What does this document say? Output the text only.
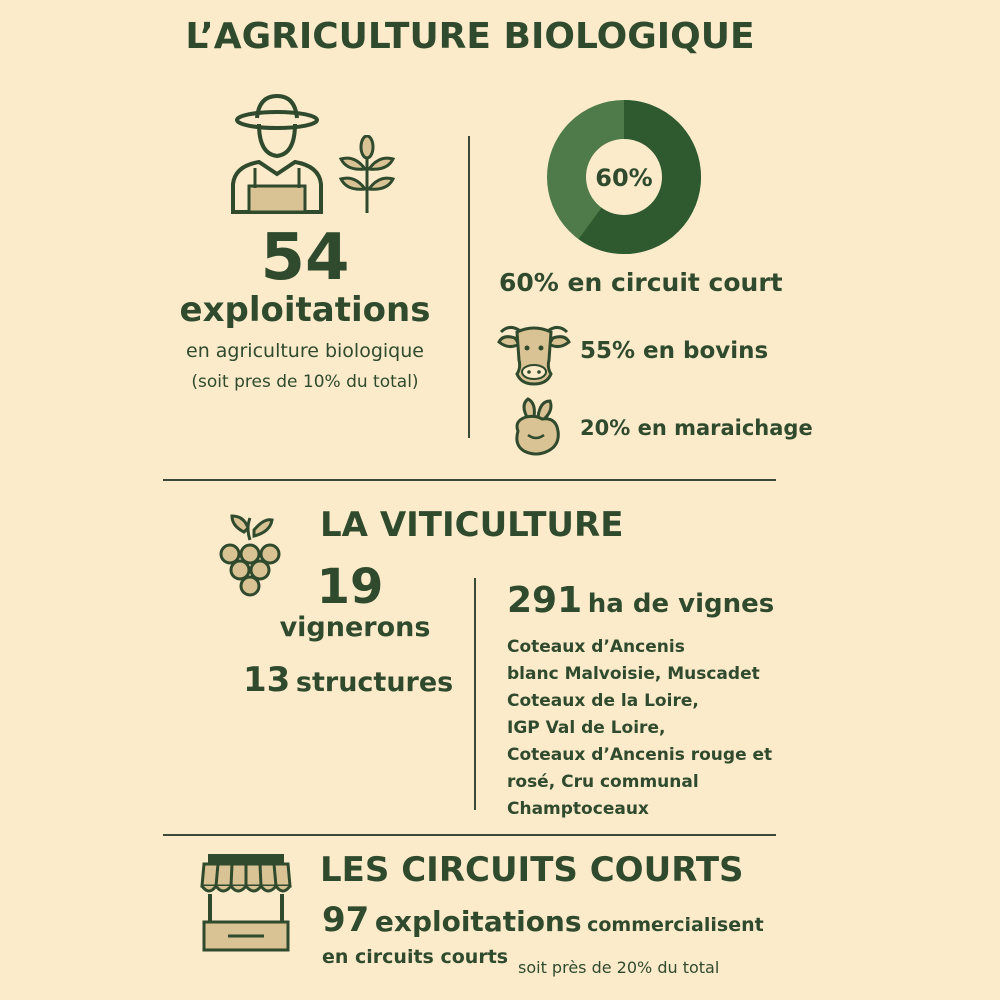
L’AGRICULTURE BIOLOGIQUE
54
exploitations
en agriculture biologique
(soit pres de 10% du total)
60%
60% en circuit court
55% en bovins
20% en maraichage
LA VITICULTURE
19
vignerons
13 structures
291 ha de vignes
Coteaux d’Ancenis
blanc Malvoisie, Muscadet
Coteaux de la Loire,
IGP Val de Loire,
Coteaux d’Ancenis rouge et
rosé, Cru communal
Champtoceaux
LES CIRCUITS COURTS
97 exploitations commercialisent
en circuits courts soit près de 20% du total
